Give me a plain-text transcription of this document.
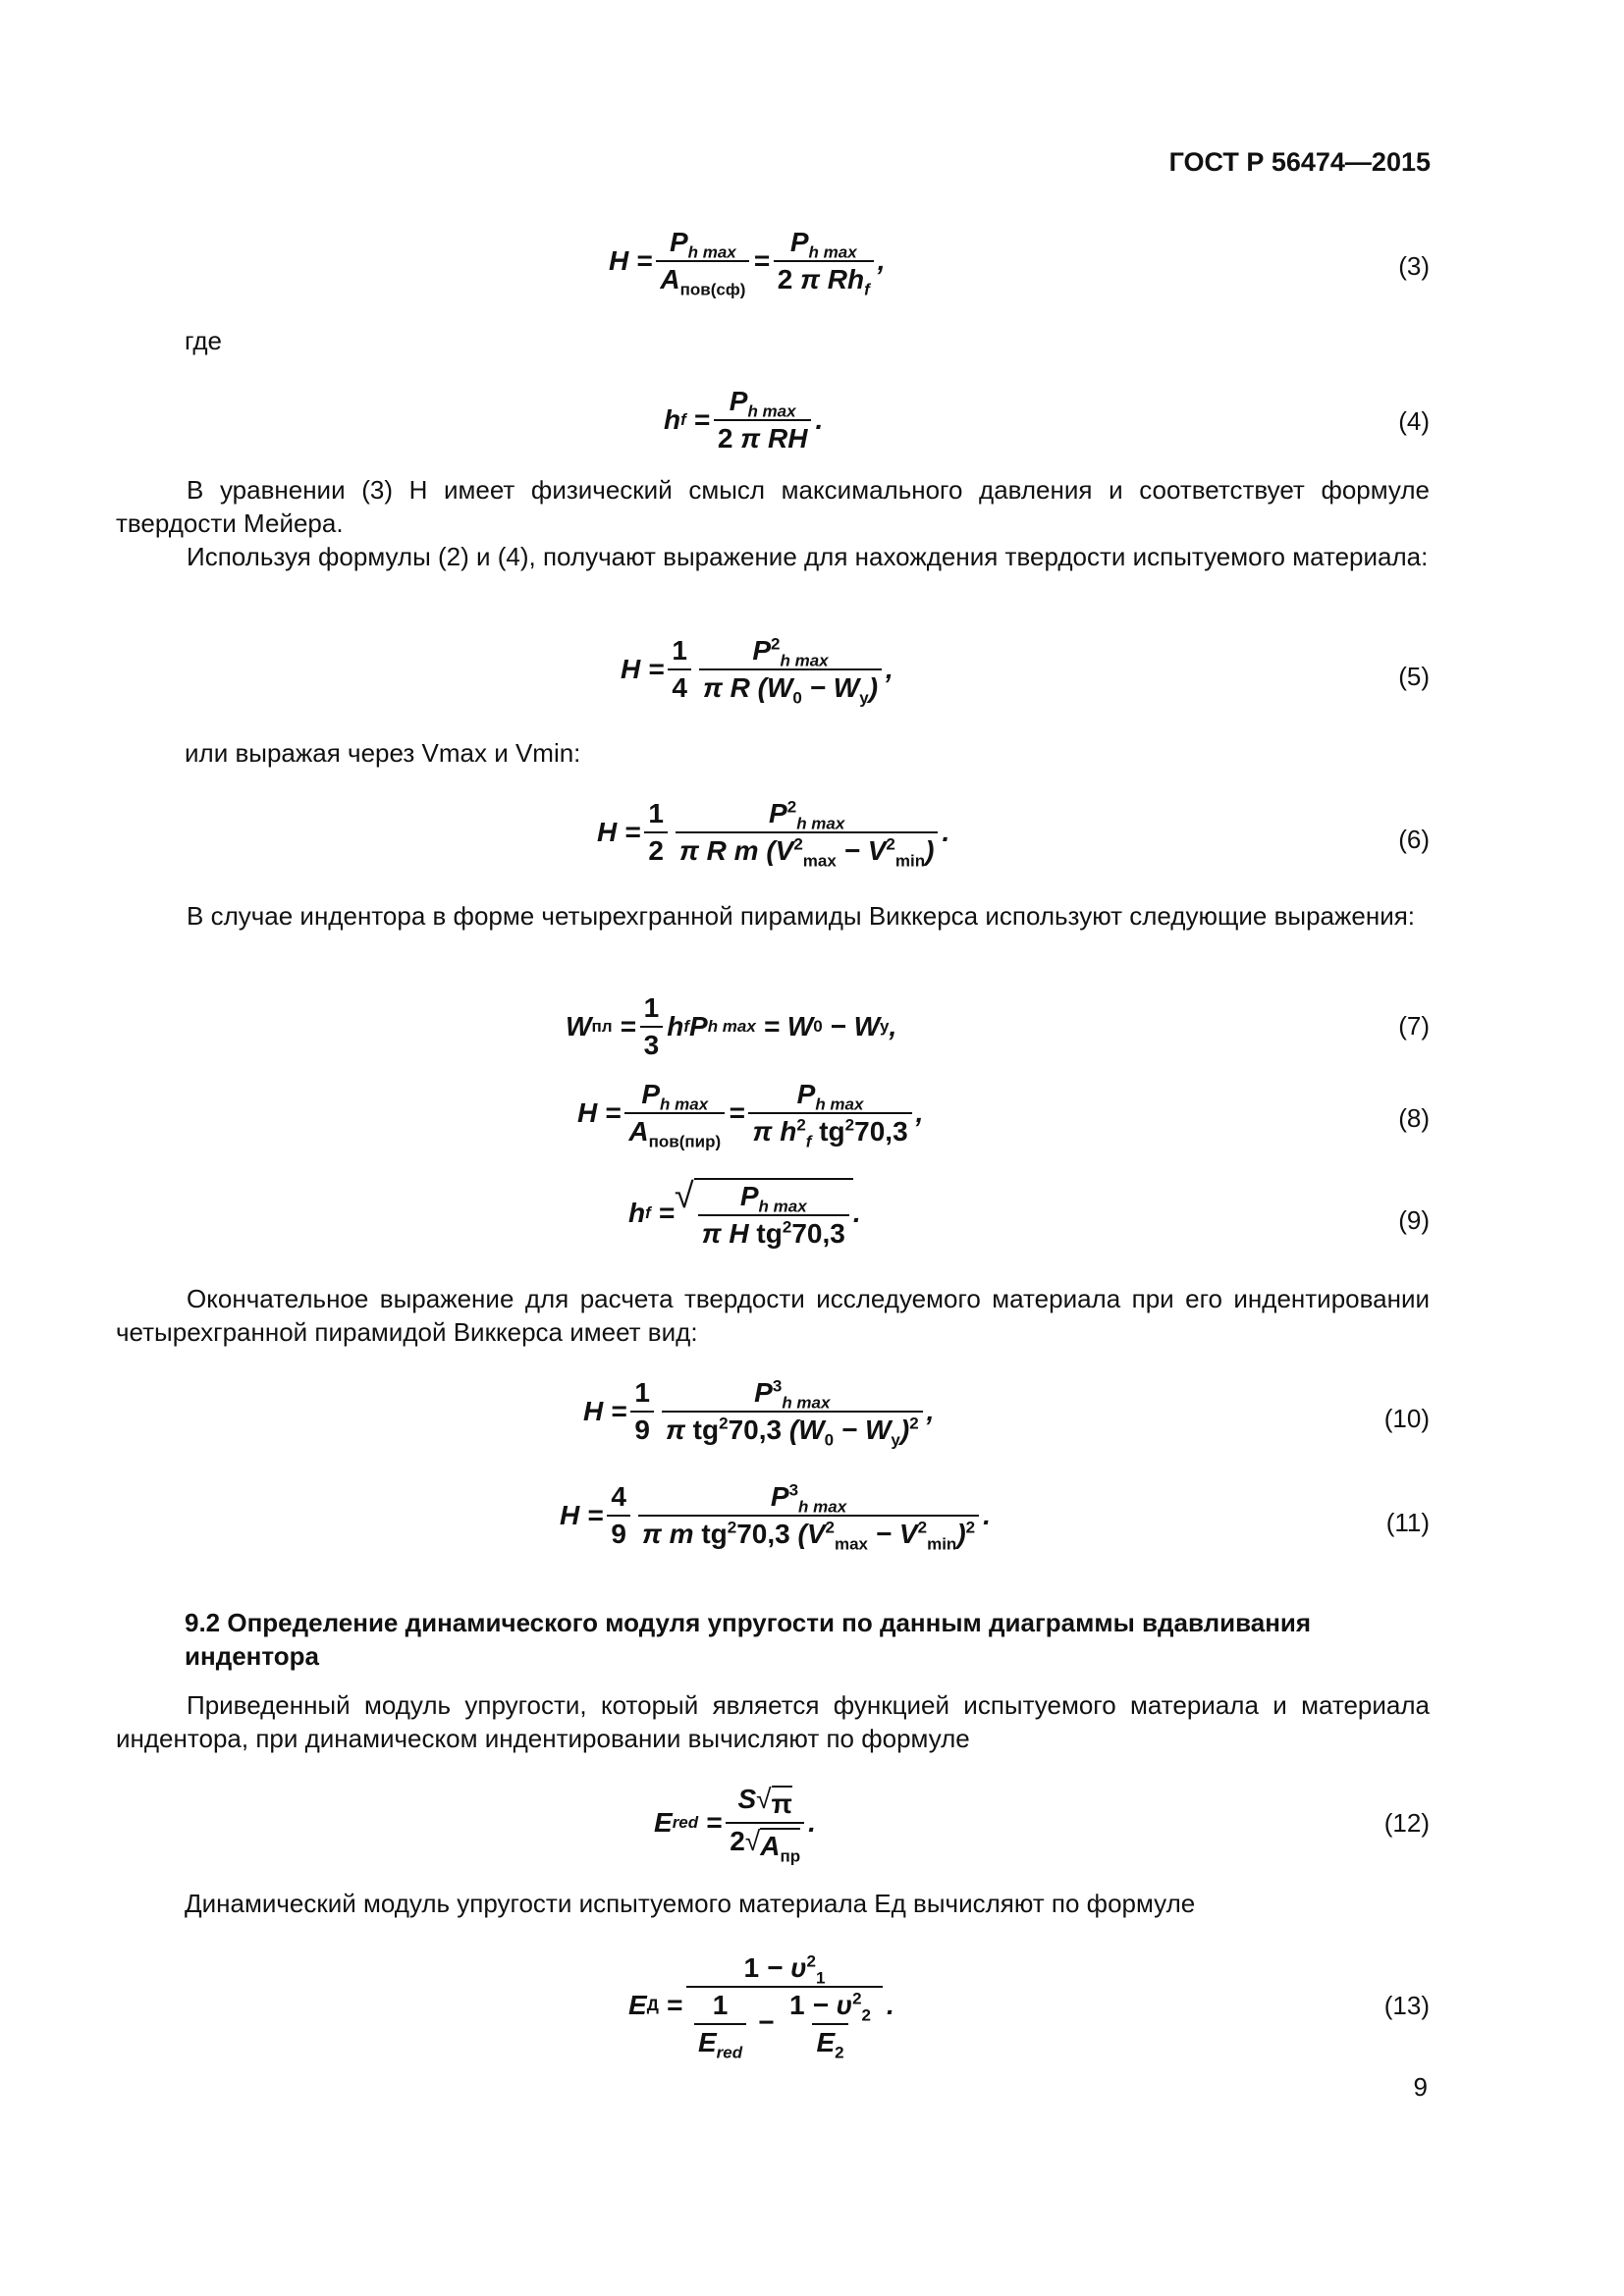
ГОСТ Р 56474—2015
$H = \frac{P_{h max}}{A_{пов(сф)}} = \frac{P_{h max}}{2 \pi Rh_f}$ ,	(3)
где
h $f = \frac{P_{h max}}{\text{2 π RH}}$ .	(4)
В уравнении (3) H имеет физический смысл максимального давления и соответствует формуле твердости Мейера.
Используя формулы (2) и (4), получают выражение для нахождения твердости испытуемого материала:
$H = \frac{1}{4} \frac{P^2_{h max}}{\pi R (W_0 - W_y)}$ ,	(5)
или выражая через Vmax и Vmin:
$H = \frac{1}{2} \frac{P^2_{h max}}{\pi R m (V^2_{max} - V^2_{min})}$ .	(6)
В случае индентора в форме четырехгранной пирамиды Виккерса используют следующие выражения:
W пл = $\frac{1}{3}$ h f P h max = W 0 − W y ,	(7)
$H = \frac{P_{h max}}{A_{пов(пир)}} = \frac{P_{h max}}{\pi h^2_f tg^270,3}$ ,	(8)
h f = √ $\frac{P_{h max}}{\pi H tg^270,3}$ .	(9)
Окончательное выражение для расчета твердости исследуемого материала при его индентировании четырехгранной пирамидой Виккерса имеет вид:
$H = \frac{1}{9} \frac{P^3_{h max}}{\pi tg^270,3 (W_0 - W_y)^2}$ ,	(10)
$H = \frac{4}{9} \frac{P^3_{h max}}{\pi m tg^270,3 (V^2_{max} - V^2_{min})^2}$ .	(11)
9.2 Определение динамического модуля упругости по данным диаграммы вдавливания индентора
Приведенный модуль упругости, который является функцией испытуемого материала и материала индентора, при динамическом индентировании вычисляют по формуле
E red = $\frac{S √ \pi}{2 √ A_{пр}}$ .	(12)
Динамический модуль упругости испытуемого материала Eд вычисляют по формуле
E $Д = \frac{1 - \upsilon^2_1}{\frac{1}{E_{red}} - \frac{1 - \upsilon^2_2}{E_2}}$ .	(13)
9
